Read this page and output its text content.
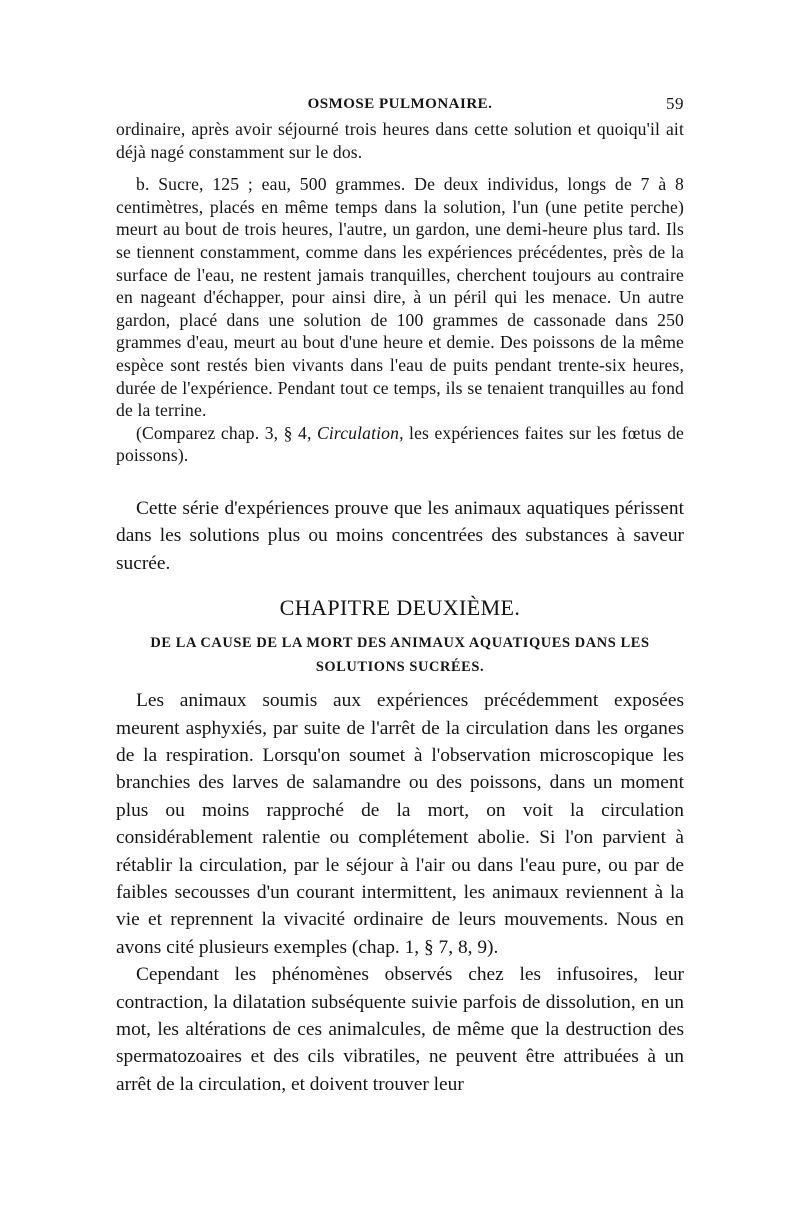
OSMOSE PULMONAIRE.	59

ordinaire, après avoir séjourné trois heures dans cette solution et quoiqu'il ait déjà nagé constamment sur le dos.

b. Sucre, 125 ; eau, 500 grammes. De deux individus, longs de 7 à 8 centimètres, placés en même temps dans la solution, l'un (une petite perche) meurt au bout de trois heures, l'autre, un gardon, une demi-heure plus tard. Ils se tiennent constamment, comme dans les expériences précédentes, près de la surface de l'eau, ne restent jamais tranquilles, cherchent toujours au contraire en nageant d'échapper, pour ainsi dire, à un péril qui les menace. Un autre gardon, placé dans une solution de 100 grammes de cassonade dans 250 grammes d'eau, meurt au bout d'une heure et demie. Des poissons de la même espèce sont restés bien vivants dans l'eau de puits pendant trente-six heures, durée de l'expérience. Pendant tout ce temps, ils se tenaient tranquilles au fond de la terrine.

(Comparez chap. 3, § 4, Circulation, les expériences faites sur les fœtus de poissons).

Cette série d'expériences prouve que les animaux aquatiques périssent dans les solutions plus ou moins concentrées des substances à saveur sucrée.

CHAPITRE DEUXIÈME.
DE LA CAUSE DE LA MORT DES ANIMAUX AQUATIQUES DANS LES SOLUTIONS SUCRÉES.

Les animaux soumis aux expériences précédemment exposées meurent asphyxiés, par suite de l'arrêt de la circulation dans les organes de la respiration. Lorsqu'on soumet à l'observation microscopique les branchies des larves de salamandre ou des poissons, dans un moment plus ou moins rapproché de la mort, on voit la circulation considérablement ralentie ou complétement abolie. Si l'on parvient à rétablir la circulation, par le séjour à l'air ou dans l'eau pure, ou par de faibles secousses d'un courant intermittent, les animaux reviennent à la vie et reprennent la vivacité ordinaire de leurs mouvements. Nous en avons cité plusieurs exemples (chap. 1, § 7, 8, 9).

Cependant les phénomènes observés chez les infusoires, leur contraction, la dilatation subséquente suivie parfois de dissolution, en un mot, les altérations de ces animalcules, de même que la destruction des spermatozoaires et des cils vibratiles, ne peuvent être attribuées à un arrêt de la circulation, et doivent trouver leur
